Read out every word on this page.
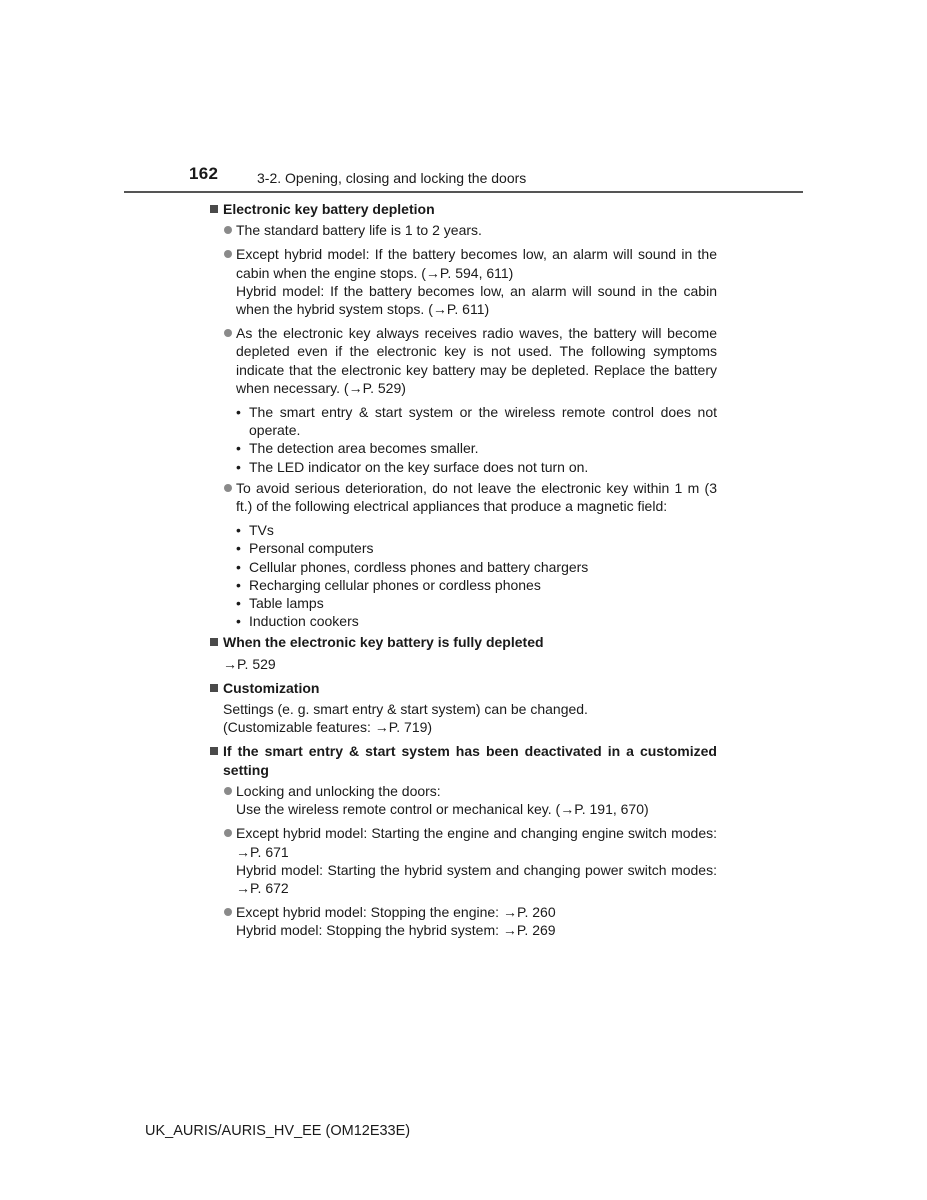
162	3-2. Opening, closing and locking the doors
Electronic key battery depletion
The standard battery life is 1 to 2 years.
Except hybrid model: If the battery becomes low, an alarm will sound in the cabin when the engine stops. (→P. 594, 611)
Hybrid model: If the battery becomes low, an alarm will sound in the cabin when the hybrid system stops. (→P. 611)
As the electronic key always receives radio waves, the battery will become depleted even if the electronic key is not used. The following symptoms indicate that the electronic key battery may be depleted. Replace the battery when necessary. (→P. 529)
• The smart entry & start system or the wireless remote control does not operate.
• The detection area becomes smaller.
• The LED indicator on the key surface does not turn on.
To avoid serious deterioration, do not leave the electronic key within 1 m (3 ft.) of the following electrical appliances that produce a magnetic field:
• TVs
• Personal computers
• Cellular phones, cordless phones and battery chargers
• Recharging cellular phones or cordless phones
• Table lamps
• Induction cookers
When the electronic key battery is fully depleted
→P. 529
Customization
Settings (e. g. smart entry & start system) can be changed.
(Customizable features: →P. 719)
If the smart entry & start system has been deactivated in a customized setting
Locking and unlocking the doors:
Use the wireless remote control or mechanical key. (→P. 191, 670)
Except hybrid model: Starting the engine and changing engine switch modes: →P. 671
Hybrid model: Starting the hybrid system and changing power switch modes: →P. 672
Except hybrid model: Stopping the engine: →P. 260
Hybrid model: Stopping the hybrid system: →P. 269
UK_AURIS/AURIS_HV_EE (OM12E33E)
